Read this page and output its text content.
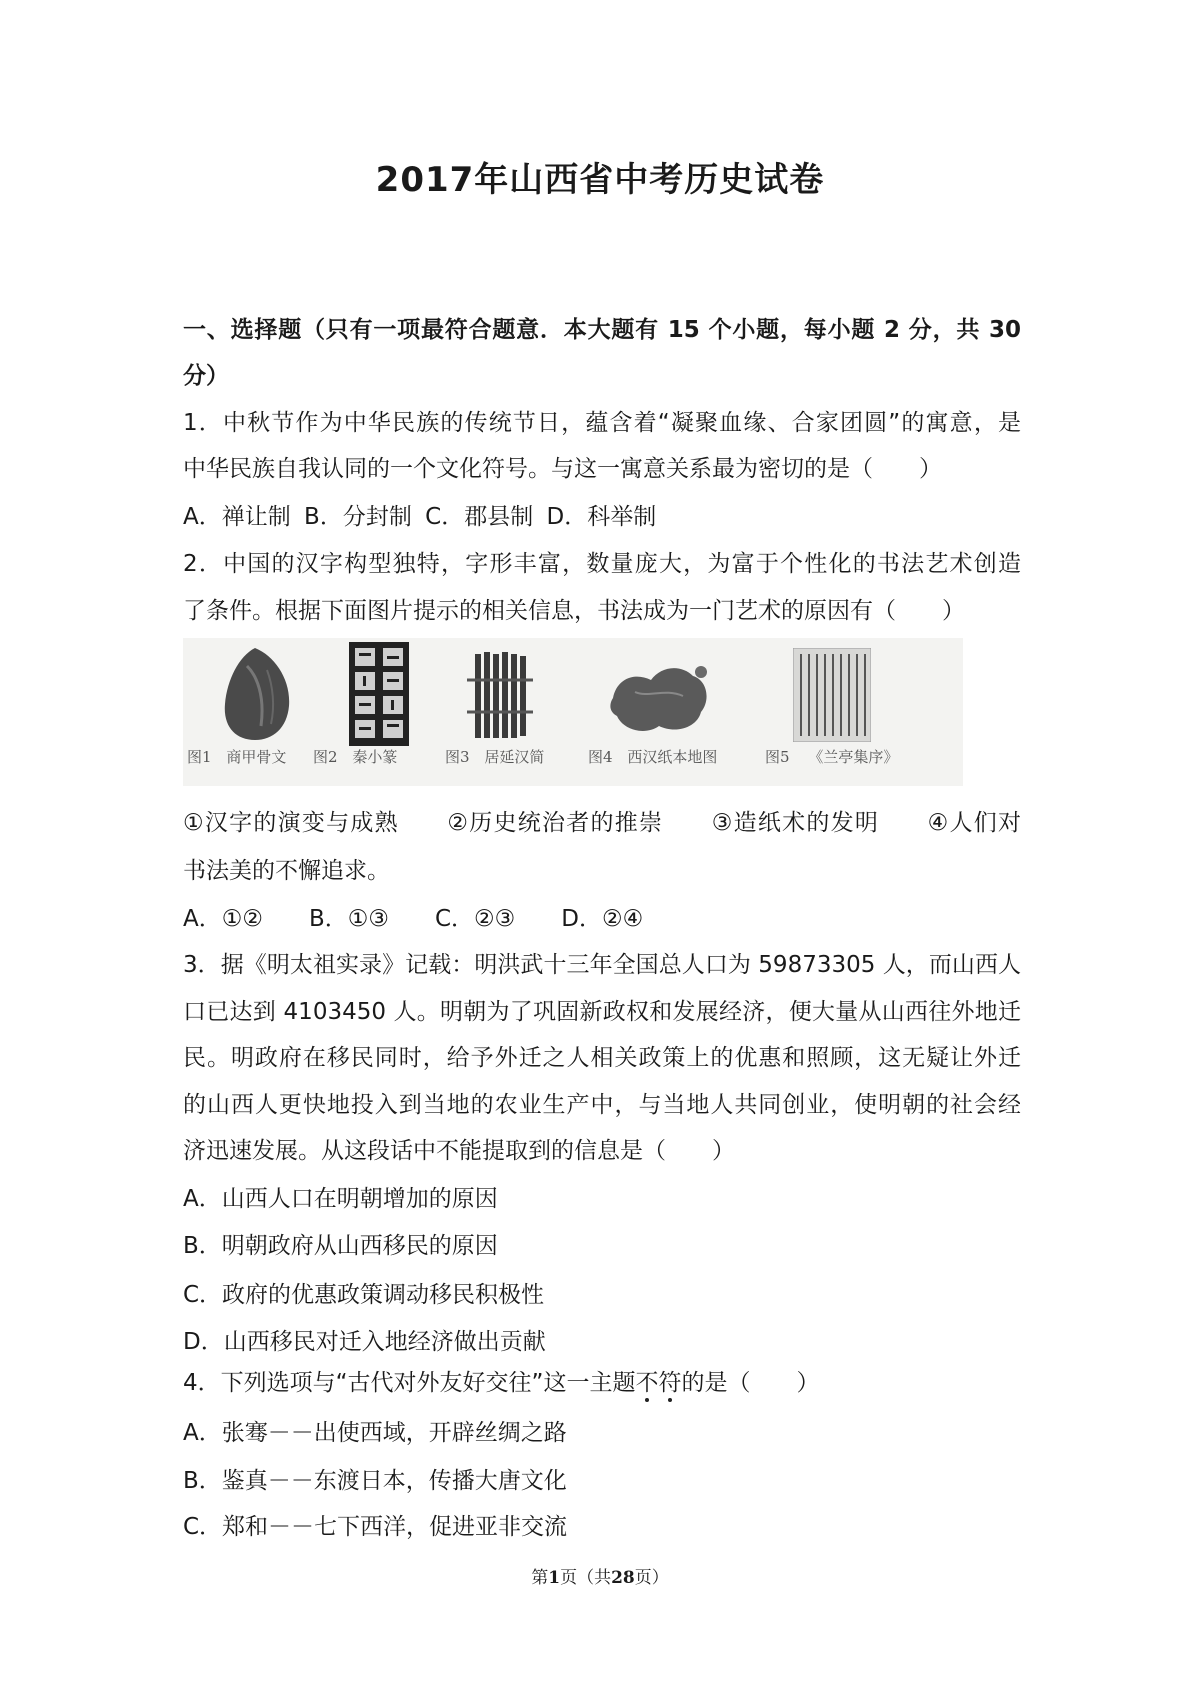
2017年山西省中考历史试卷
一、选择题（只有一项最符合题意．本大题有 15 个小题，每小题 2 分，共 30
分）
1．中秋节作为中华民族的传统节日，蕴含着“凝聚血缘、合家团圆”的寓意，是
中华民族自我认同的一个文化符号。与这一寓意关系最为密切的是（　　）
A．禅让制 B．分封制 C．郡县制 D．科举制
2．中国的汉字构型独特，字形丰富，数量庞大，为富于个性化的书法艺术创造
了条件。根据下面图片提示的相关信息，书法成为一门艺术的原因有（　　）
图1 商甲骨文 图2 秦小篆	图3 居延汉简	图4 西汉纸本地图	图5 《兰亭集序》
①汉字的演变与成熟　　②历史统治者的推崇　　③造纸术的发明　　④人们对
书法美的不懈追求。
A．①②　　B．①③　　C．②③　　D．②④
3．据《明太祖实录》记载：明洪武十三年全国总人口为 59873305 人，而山西人
口已达到 4103450 人。明朝为了巩固新政权和发展经济，便大量从山西往外地迁
民。明政府在移民同时，给予外迁之人相关政策上的优惠和照顾，这无疑让外迁
的山西人更快地投入到当地的农业生产中，与当地人共同创业，使明朝的社会经
济迅速发展。从这段话中不能提取到的信息是（　　）
A．山西人口在明朝增加的原因
B．明朝政府从山西移民的原因
C．政府的优惠政策调动移民积极性
D．山西移民对迁入地经济做出贡献
4．下列选项与“古代对外友好交往”这一主题不符的是（　　）
A．张骞－－出使西域，开辟丝绸之路
B．鉴真－－东渡日本，传播大唐文化
C．郑和－－七下西洋，促进亚非交流
第1页（共28页）
